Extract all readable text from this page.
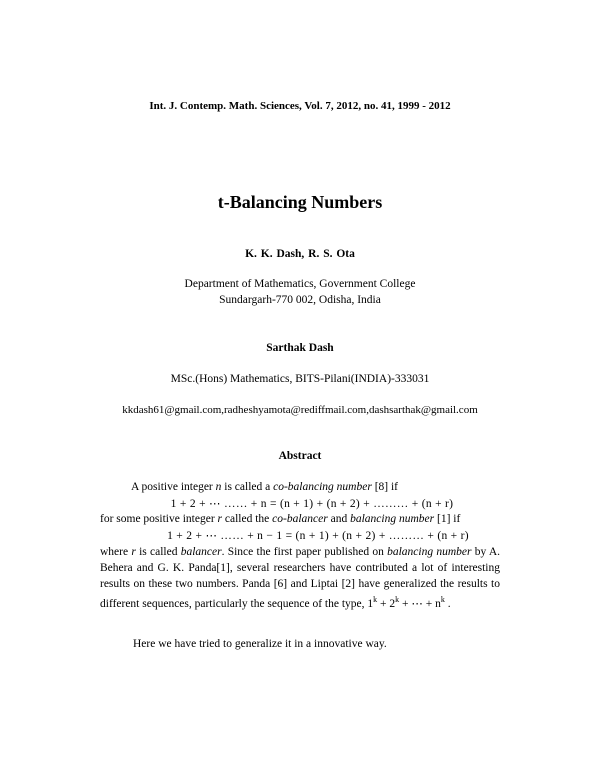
Int. J. Contemp. Math. Sciences, Vol. 7, 2012, no. 41, 1999 - 2012
t-Balancing Numbers
K. K. Dash, R. S. Ota
Department of Mathematics, Government College
Sundargarh-770 002, Odisha, India
Sarthak Dash
MSc.(Hons) Mathematics, BITS-Pilani(INDIA)-333031
kkdash61@gmail.com,radheshyamota@rediffmail.com,dashsarthak@gmail.com
Abstract
A positive integer n is called a co-balancing number [8] if
1 + 2 + ⋯ …… + n = (n + 1) + (n + 2) + ……… + (n + r)
for some positive integer r called the co-balancer and balancing number [1] if
1 + 2 + ⋯ …… + n − 1 = (n + 1) + (n + 2) + ……… + (n + r)
where r is called balancer. Since the first paper published on balancing number by A. Behera and G. K. Panda[1], several researchers have contributed a lot of interesting results on these two numbers. Panda [6] and Liptai [2] have generalized the results to different sequences, particularly the sequence of the type, $1^k + 2^k$ + ⋯ + $n^k$ .
Here we have tried to generalize it in a innovative way.
